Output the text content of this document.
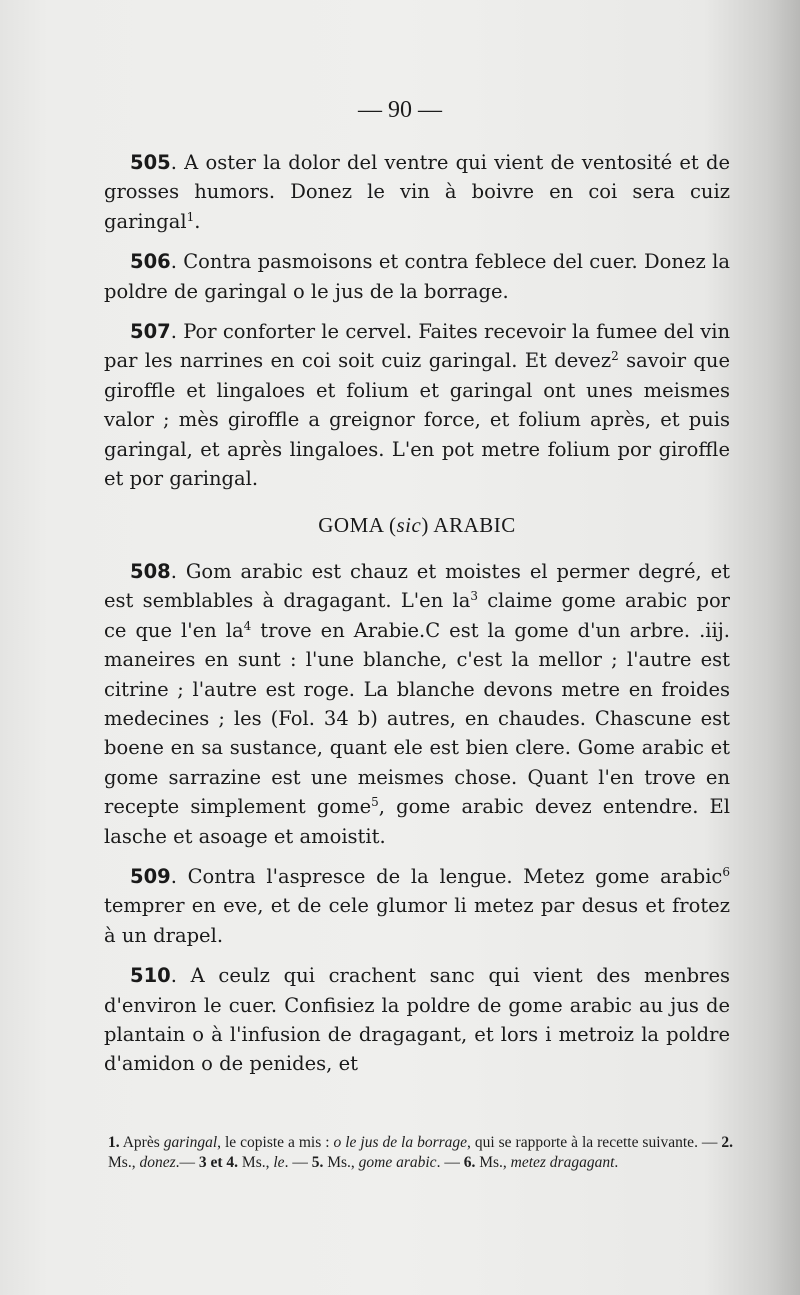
— 90 —

505. A oster la dolor del ventre qui vient de ventosité et de grosses humors. Donez le vin à boivre en coi sera cuiz garingal$^1$.

506. Contra pasmoisons et contra feblece del cuer. Donez la poldre de garingal o le jus de la borrage.

507. Por conforter le cervel. Faites recevoir la fumee del vin par les narrines en coi soit cuiz garingal. Et devez$^2$ savoir que giroffle et lingaloes et folium et garingal ont unes meismes valor ; mès giroffle a greignor force, et folium après, et puis garingal, et après lingaloes. L'en pot metre folium por giroffle et por garingal.

GOMA (sic) ARABIC

508. Gom arabic est chauz et moistes el permer degré, et est semblables à dragagant. L'en $la^3$ claime gome arabic por ce que l'en $la^4$ trove en Arabie.C est la gome d'un arbre. .iij. maneires en sunt : l'une blanche, c'est la mellor ; l'autre est citrine ; l'autre est roge. La blanche devons metre en froides medecines ; les (Fol. 34 b) autres, en chaudes. Chascune est boene en sa sustance, quant ele est bien clere. Gome arabic et gome sarrazine est une meismes chose. Quant l'en trove en recepte simplement gome$^5$, gome arabic devez entendre. El lasche et asoage et amoistit.

509. Contra l'aspresce de la lengue. Metez gome arabic$^6$ temprer en eve, et de cele glumor li metez par desus et frotez à un drapel.

510. A ceulz qui crachent sanc qui vient des menbres d'environ le cuer. Confisiez la poldre de gome arabic au jus de plantain o à l'infusion de dragagant, et lors i metroiz la poldre d'amidon o de penides, et

1. Après garingal, le copiste a mis : o le jus de la borrage, qui se rapporte à la recette suivante. — 2. Ms., donez.— 3 et 4. Ms., le. — 5. Ms., gome arabic. — 6. Ms., metez dragagant.
